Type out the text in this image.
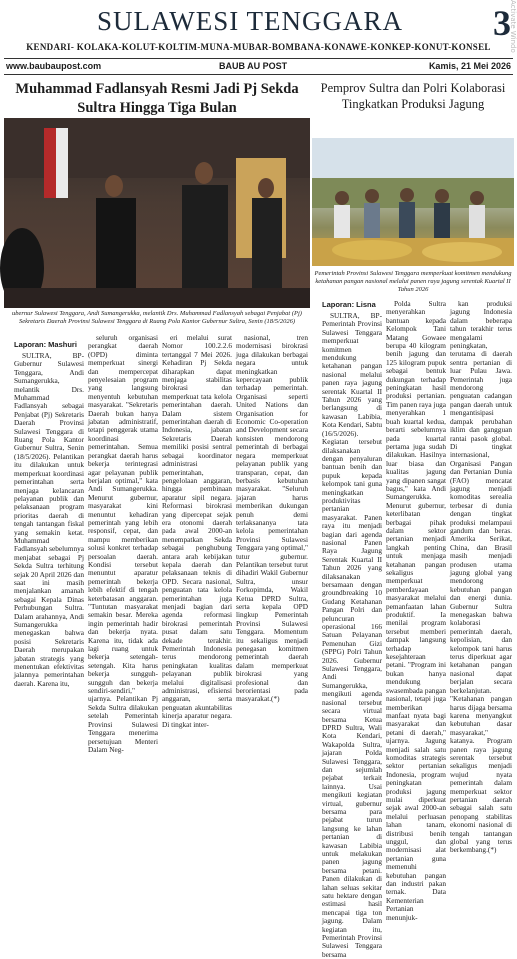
SULAWESI TENGGARA	3
KENDARI- KOLAKA-KOLUT-KOLTIM-MUNA-MUBAR-BOMBANA-KONAWE-KONKEP-KONUT-KONSEL	Activate Windo
www.baubaupost.com	BAUB AU POST	Kamis, 21 Mei 2026
Muhammad Fadlansyah Resmi Jadi Pj Sekda Sultra Hingga Tiga Bulan
ubernur Sulawesi Tenggara, Andi Sumangerukka, melantik Drs. Muhammad Fadlansyah sebagai Penjabat (Pj) Sekretaris Daerah Provinsi Sulawesi Tenggara di Ruang Pola Kantor Gubernur Sultra, Senin (18/5/2026)
Laporan: Mashuri

SULTRA, BP-Gubernur Sulawesi Tenggara, Andi Sumangerukka, melantik Drs. Muhammad Fadlansyah sebagai Penjabat (Pj) Sekretaris Daerah Provinsi Sulawesi Tenggara di Ruang Pola Kantor Gubernur Sultra, Senin (18/5/2026). Pelantikan itu dilakukan untuk memperkuat koordinasi pemerintahan serta menjaga kelancaran pelayanan publik dan pelaksanaan program prioritas daerah di tengah tantangan fiskal yang semakin ketat. Muhammad Fadlansyah sebelumnya menjabat sebagai Pj Sekda Sultra terhitung sejak 20 April 2026 dan saat ini masih menjalankan amanah sebagai Kepala Dinas Perhubungan Sultra. Dalam arahannya, Andi Sumangerukka menegaskan bahwa posisi Sekretaris Daerah merupakan jabatan strategis yang menentukan efektivitas jalannya pemerintahan daerah. Karena itu,

seluruh organisasi perangkat daerah (OPD) diminta memperkuat sinergi dan mempercepat penyelesaian program yang langsung menyentuh kebutuhan masyarakat. "Sekretaris Daerah bukan hanya jabatan administratif, tetapi penggerak utama koordinasi pemerintahan. Semua perangkat daerah harus bekerja terintegrasi agar pelayanan publik berjalan optimal," kata Andi Sumangerukka. Menurut gubernur, masyarakat kini menuntut kehadiran pemerintah yang lebih responsif, cepat, dan mampu memberikan solusi konkret terhadap persoalan daerah. Kondisi tersebut menuntut aparatur pemerintah bekerja lebih efektif di tengah keterbatasan anggaran. "Tuntutan masyarakat semakin besar. Mereka ingin pemerintah hadir dan bekerja nyata. Karena itu, tidak ada lagi ruang untuk bekerja setengah-setengah. Kita harus bekerja sungguh-sungguh dan bekerja sendiri-sendiri," ujarnya. Pelantikan Pj Sekda Sultra dilakukan setelah Pemerintah Provinsi Sulawesi Tenggara menerima persetujuan Menteri Dalam Neg-

eri melalui surat Nomor 100.2.2.6 tertanggal 7 Mei 2026. Kehadiran Pj Sekda diharapkan dapat menjaga stabilitas birokrasi dan memperkuat tata kelola pemerintahan daerah. Dalam sistem pemerintahan daerah di Indonesia, jabatan Sekretaris Daerah memiliki posisi sentral sebagai koordinator administrasi pemerintahan, pengelolaan anggaran, hingga pembinaan aparatur sipil negara. Reformasi birokrasi yang dipercepat sejak era otonomi daerah pada awal 2000-an menempatkan Sekda sebagai penghubung antara arah kebijakan kepala daerah dan pelaksanaan teknis di OPD. Secara nasional, penguatan tata kelola pemerintahan juga menjadi bagian dari agenda reformasi birokrasi pemerintah pusat dalam satu dekade terakhir. Pemerintah Indonesia terus mendorong peningkatan kualitas pelayanan publik melalui digitalisasi administrasi, efisiensi anggaran, serta penguatan akuntabilitas kinerja aparatur negara. Di tingkat inter-

nasional, tren modernisasi birokrasi juga dilakukan berbagai negara untuk meningkatkan kepercayaan publik terhadap pemerintah. Organisasi seperti United Nations dan Organisation for Economic Co-operation and Development secara konsisten mendorong pemerintah di berbagai negara memperkuat pelayanan publik yang transparan, cepat, dan berbasis kebutuhan masyarakat. "Seluruh jajaran harus memberikan dukungan penuh demi terlaksananya tata kelola pemerintahan Provinsi Sulawesi Tenggara yang optimal," tutur gubernur. Pelantikan tersebut turut dihadiri Wakil Gubernur Sultra, unsur Forkopimda, Wakil Ketua DPRD Sultra, serta kepala OPD lingkup Pemerintah Provinsi Sulawesi Tenggara. Momentum itu sekaligus menjadi penegasan komitmen pemerintah daerah dalam memperkuat birokrasi yang profesional dan berorientasi pada masyarakat.(*)

Pemprov Sultra dan Polri Kolaborasi Tingkatkan Produksi Jagung
Pemerintah Provinsi Sulawesi Tenggara memperkuat komitmen mendukung ketahanan pangan nasional melalui panen raya jagung serentak Kuartal II Tahun 2026
Laporan: Lisna

SULTRA, BP-Pemerintah Provinsi Sulawesi Tenggara memperkuat komitmen mendukung ketahanan pangan nasional melalui panen raya jagung serentak Kuartal II Tahun 2026 yang berlangsung di kawasan Labibia, Kota Kendari, Sabtu (16/5/2026). Kegiatan tersebut dilaksanakan dengan penyaluran bantuan benih dan pupuk kepada kelompok tani guna meningkatkan produktivitas pertanian masyarakat. Panen raya itu menjadi bagian dari agenda nasional Panen Raya Jagung Serentak Kuartal II Tahun 2026 yang dilaksanakan bersamaan dengan groundbreaking 10 Gudang Ketahanan Pangan Polri dan peluncuran operasional 166 Satuan Pelayanan Pemenuhan Gizi (SPPG) Polri Tahun 2026. Gubernur Sulawesi Tenggara, Andi Sumangerukka, mengikuti agenda nasional tersebut secara virtual bersama Ketua DPRD Sultra, Wali Kota Kendari, Wakapolda Sultra, jajaran Polda Sulawesi Tenggara, dan sejumlah pejabat terkait lainnya. Usai mengikuti kegiatan virtual, gubernur bersama para pejabat turun langsung ke lahan pertanian di kawasan Labibia untuk melakukan panen jagung bersama petani. Panen dilakukan di lahan seluas sekitar satu hektare dengan estimasi hasil mencapai tiga ton jagung. Dalam kegiatan itu, Pemerintah Provinsi Sulawesi Tenggara bersama

Polda Sultra menyerahkan bantuan kepada Kelompok Tani Matang Gowaee berupa 40 kilogram benih jagung dan 125 kilogram pupuk sebagai bentuk dukungan terhadap peningkatan hasil produksi pertanian. Tim panen raya juga menyerahkan 1 buah kuartal kedua, berarti sebelumnya pada kuartal pertama juga sudah dilakukan. Hasilnya luar biasa dan kualitas jagung yang dipanen sangat bagus," kata Andi Sumangerukka. Menurut gubernur, keterlibatan berbagai pihak dalam sektor pertanian menjadi langkah penting untuk menjaga ketahanan pangan sekaligus memperkuat pemberdayaan masyarakat melalui pemanfaatan lahan produktif. Ia menilai program tersebut memberi dampak langsung terhadap kesejahteraan petani. "Program ini bukan hanya mendukung swasembada pangan nasional, tetapi juga memberikan manfaat nyata bagi masyarakat dan petani di daerah," ujarnya. Jagung menjadi salah satu komoditas strategis sektor pertanian Indonesia, program peningkatan produksi jagung mulai diperkuat sejak awal 2000-an melalui perluasan lahan tanam, distribusi benih unggul, dan modernisasi alat pertanian guna memenuhi kebutuhan pangan dan industri pakan ternak. Data Kementerian Pertanian menunjuk-

kan produksi jagung Indonesia dalam beberapa tahun terakhir terus mengalami peningkatan, terutama di daerah sentra pertanian di luar Pulau Jawa. Pemerintah juga mendorong penguatan cadangan pangan daerah untuk mengantisipasi dampak perubahan iklim dan gangguan rantai pasok global. Di tingkat internasional, Organisasi Pangan dan Pertanian Dunia (FAO) mencatat jagung menjadi komoditas serealia terbesar di dunia dengan tingkat produksi melampaui gandum dan beras. Amerika Serikat, China, dan Brasil masih menjadi produsen utama jagung global yang mendorong kebutuhan pangan dan energi dunia. Gubernur Sultra menegaskan bahwa kolaborasi pemerintah daerah, kepolisian, dan kelompok tani harus terus diperkuat agar ketahanan pangan nasional dapat berjalan secara berkelanjutan. "Ketahanan pangan harus dijaga bersama karena menyangkut kebutuhan dasar masyarakat," katanya. Program panen raya jagung serentak tersebut sekaligus menjadi wujud nyata pemerintah dalam memperkuat sektor pertanian daerah sebagai salah satu penopang stabilitas ekonomi nasional di tengah tantangan global yang terus berkembang.(*)
